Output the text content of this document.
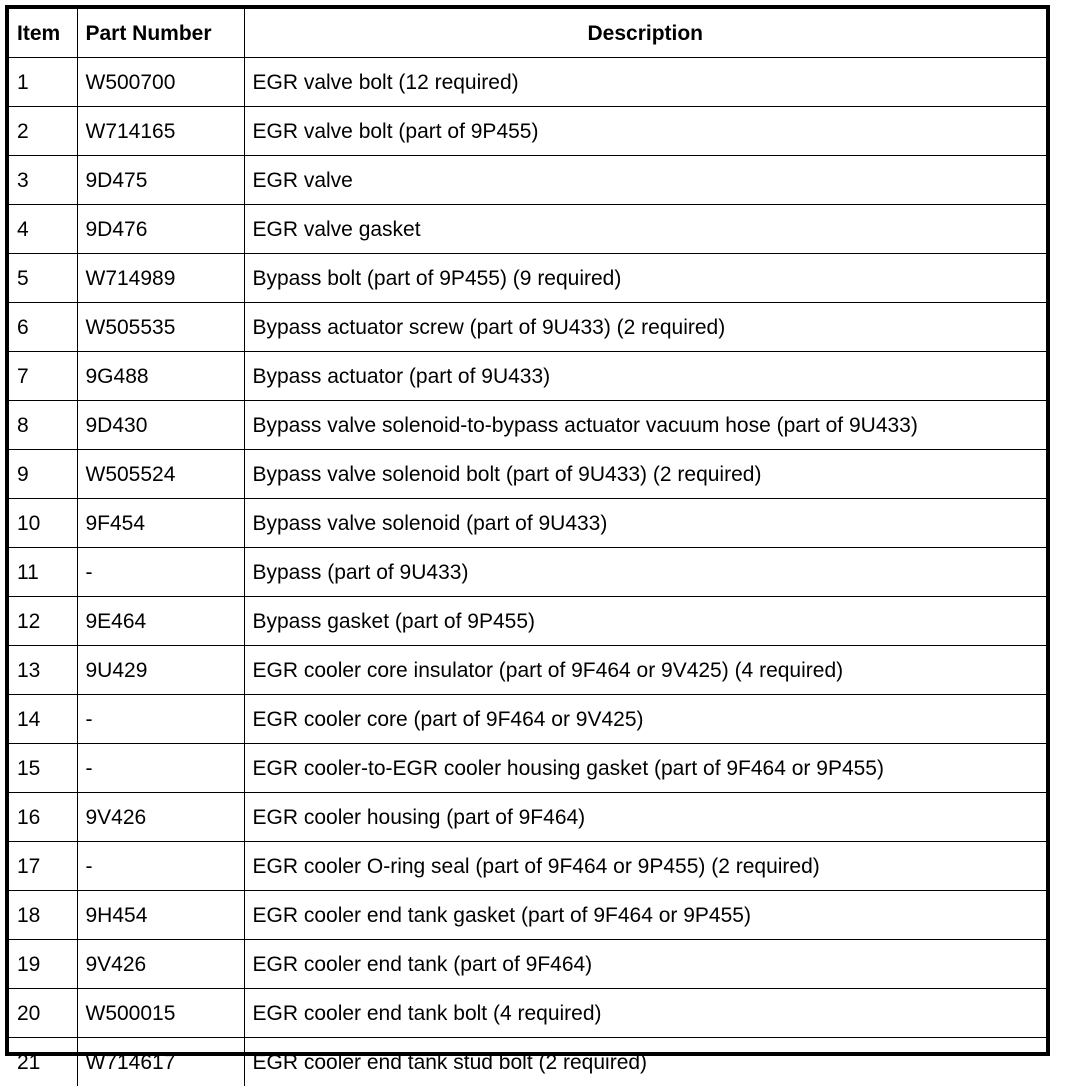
Item	Part Number	Description
1	W500700	EGR valve bolt (12 required)
2	W714165	EGR valve bolt (part of 9P455)
3	9D475	EGR valve
4	9D476	EGR valve gasket
5	W714989	Bypass bolt (part of 9P455) (9 required)
6	W505535	Bypass actuator screw (part of 9U433) (2 required)
7	9G488	Bypass actuator (part of 9U433)
8	9D430	Bypass valve solenoid-to-bypass actuator vacuum hose (part of 9U433)
9	W505524	Bypass valve solenoid bolt (part of 9U433) (2 required)
10	9F454	Bypass valve solenoid (part of 9U433)
11	-	Bypass (part of 9U433)
12	9E464	Bypass gasket (part of 9P455)
13	9U429	EGR cooler core insulator (part of 9F464 or 9V425) (4 required)
14	-	EGR cooler core (part of 9F464 or 9V425)
15	-	EGR cooler-to-EGR cooler housing gasket (part of 9F464 or 9P455)
16	9V426	EGR cooler housing (part of 9F464)
17	-	EGR cooler O-ring seal (part of 9F464 or 9P455) (2 required)
18	9H454	EGR cooler end tank gasket (part of 9F464 or 9P455)
19	9V426	EGR cooler end tank (part of 9F464)
20	W500015	EGR cooler end tank bolt (4 required)
21	W714617	EGR cooler end tank stud bolt (2 required)
